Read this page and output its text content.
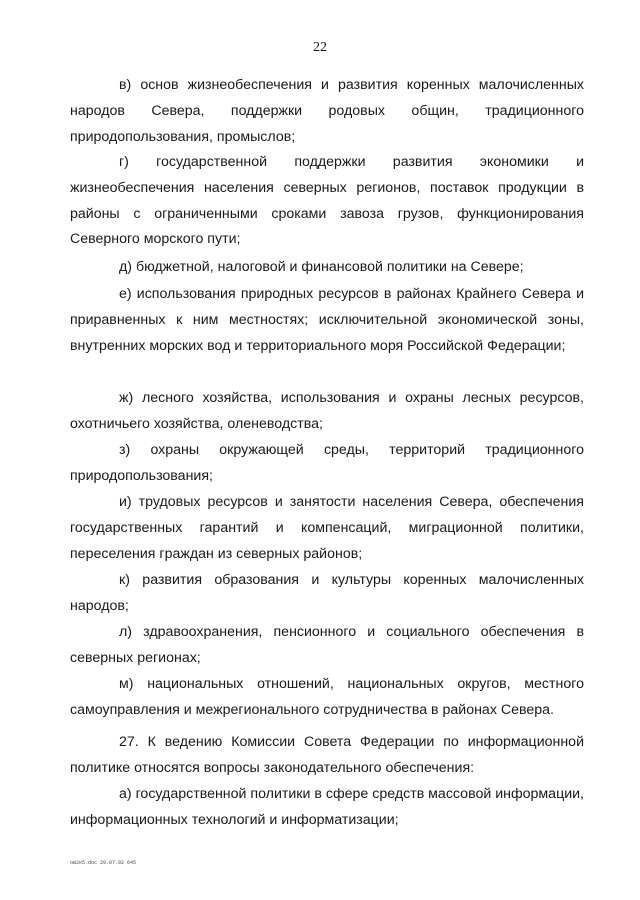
22

в) основ жизнеобеспечения и развития коренных малочисленных народов Севера, поддержки родовых общин, традиционного природопользования, промыслов;

г) государственной поддержки развития экономики и жизнеобеспечения населения северных регионов, поставок продукции в районы с ограниченными сроками завоза грузов, функционирования Северного морского пути;

д) бюджетной, налоговой и финансовой политики на Севере;

е) использования природных ресурсов в районах Крайнего Севера и приравненных к ним местностях; исключительной экономической зоны, внутренних морских вод и территориального моря Российской Федерации;

ж) лесного хозяйства, использования и охраны лесных ресурсов, охотничьего хозяйства, оленеводства;

з) охраны окружающей среды, территорий традиционного природопользования;

и) трудовых ресурсов и занятости населения Севера, обеспечения государственных гарантий и компенсаций, миграционной политики, переселения граждан из северных районов;

к) развития образования и культуры коренных малочисленных народов;

л) здравоохранения, пенсионного и социального обеспечения в северных регионах;

м) национальных отношений, национальных округов, местного самоуправления и межрегионального сотрудничества в районах Севера.

27. К ведению Комиссии Совета Федерации по информационной политике относятся вопросы законодательного обеспечения:

а) государственной политики в сфере средств массовой информации, информационных технологий и информатизации;

ов2к5.doc 29.07.02 645
